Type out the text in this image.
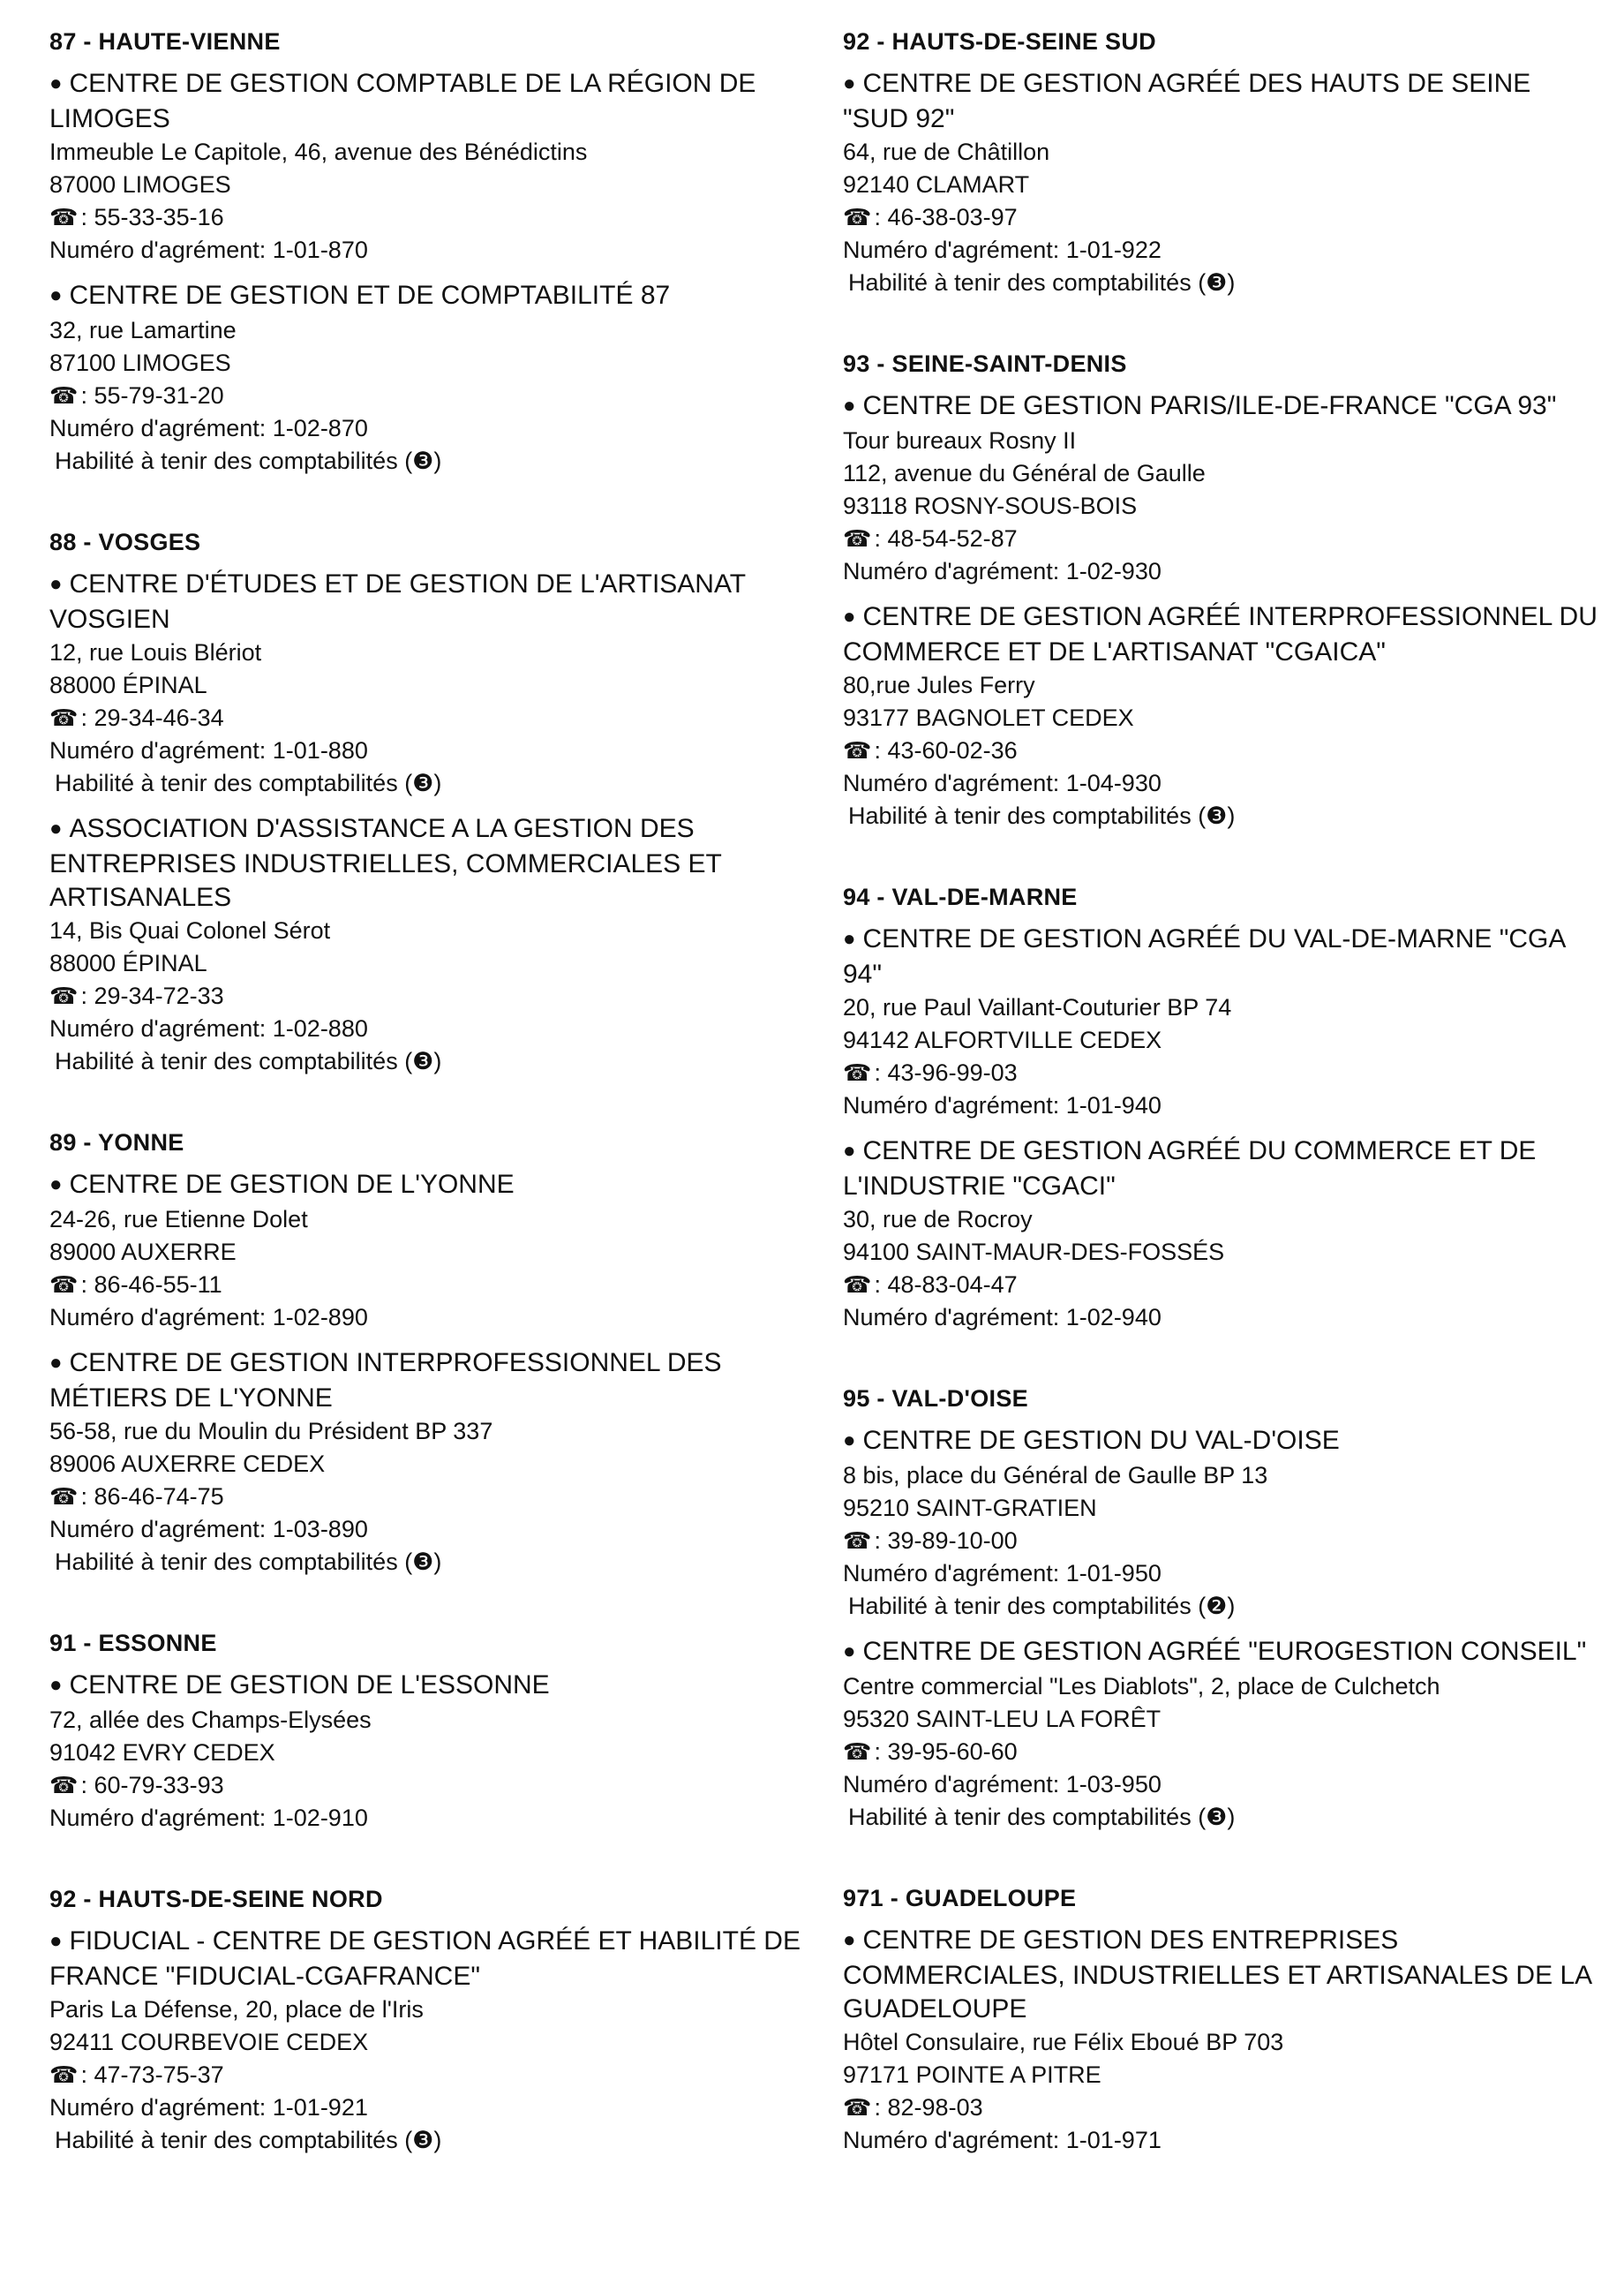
87 - HAUTE-VIENNE
● CENTRE DE GESTION COMPTABLE DE LA RÉGION DE LIMOGES
Immeuble Le Capitole, 46, avenue des Bénédictins
87000 LIMOGES
☎ : 55-33-35-16
Numéro d'agrément: 1-01-870
● CENTRE DE GESTION ET DE COMPTABILITÉ 87
32, rue Lamartine
87100 LIMOGES
☎ : 55-79-31-20
Numéro d'agrément: 1-02-870
Habilité à tenir des comptabilités (❸)
88 - VOSGES
● CENTRE D'ÉTUDES ET DE GESTION DE L'ARTISANAT VOSGIEN
12, rue Louis Blériot
88000 ÉPINAL
☎ : 29-34-46-34
Numéro d'agrément: 1-01-880
Habilité à tenir des comptabilités (❸)
● ASSOCIATION D'ASSISTANCE A LA GESTION DES ENTREPRISES INDUSTRIELLES, COMMERCIALES ET ARTISANALES
14, Bis Quai Colonel Sérot
88000 ÉPINAL
☎ : 29-34-72-33
Numéro d'agrément: 1-02-880
Habilité à tenir des comptabilités (❸)
89 - YONNE
● CENTRE DE GESTION DE L'YONNE
24-26, rue Etienne Dolet
89000 AUXERRE
☎ : 86-46-55-11
Numéro d'agrément: 1-02-890
● CENTRE DE GESTION INTERPROFESSIONNEL DES MÉTIERS DE L'YONNE
56-58, rue du Moulin du Président BP 337
89006 AUXERRE CEDEX
☎ : 86-46-74-75
Numéro d'agrément: 1-03-890
Habilité à tenir des comptabilités (❸)
91 - ESSONNE
● CENTRE DE GESTION DE L'ESSONNE
72, allée des Champs-Elysées
91042 EVRY CEDEX
☎ : 60-79-33-93
Numéro d'agrément: 1-02-910
92 - HAUTS-DE-SEINE NORD
● FIDUCIAL - CENTRE DE GESTION AGRÉÉ ET HABILITÉ DE FRANCE "FIDUCIAL-CGAFRANCE"
Paris La Défense, 20, place de l'Iris
92411 COURBEVOIE CEDEX
☎ : 47-73-75-37
Numéro d'agrément: 1-01-921
Habilité à tenir des comptabilités (❸)
92 - HAUTS-DE-SEINE SUD
● CENTRE DE GESTION AGRÉÉ DES HAUTS DE SEINE "SUD 92"
64, rue de Châtillon
92140 CLAMART
☎ : 46-38-03-97
Numéro d'agrément: 1-01-922
Habilité à tenir des comptabilités (❸)
93 - SEINE-SAINT-DENIS
● CENTRE DE GESTION PARIS/ILE-DE-FRANCE "CGA 93"
Tour bureaux Rosny II
112, avenue du Général de Gaulle
93118 ROSNY-SOUS-BOIS
☎ : 48-54-52-87
Numéro d'agrément: 1-02-930
● CENTRE DE GESTION AGRÉÉ INTERPROFESSIONNEL DU COMMERCE ET DE L'ARTISANAT "CGAICA"
80,rue Jules Ferry
93177 BAGNOLET CEDEX
☎ : 43-60-02-36
Numéro d'agrément: 1-04-930
Habilité à tenir des comptabilités (❸)
94 - VAL-DE-MARNE
● CENTRE DE GESTION AGRÉÉ DU VAL-DE-MARNE "CGA 94"
20, rue Paul Vaillant-Couturier BP 74
94142 ALFORTVILLE CEDEX
☎ : 43-96-99-03
Numéro d'agrément: 1-01-940
● CENTRE DE GESTION AGRÉÉ DU COMMERCE ET DE L'INDUSTRIE "CGACI"
30, rue de Rocroy
94100 SAINT-MAUR-DES-FOSSÉS
☎ : 48-83-04-47
Numéro d'agrément: 1-02-940
95 - VAL-D'OISE
● CENTRE DE GESTION DU VAL-D'OISE
8 bis, place du Général de Gaulle BP 13
95210 SAINT-GRATIEN
☎ : 39-89-10-00
Numéro d'agrément: 1-01-950
Habilité à tenir des comptabilités (❷)
● CENTRE DE GESTION AGRÉÉ "EUROGESTION CONSEIL"
Centre commercial "Les Diablots", 2, place de Culchetch
95320 SAINT-LEU LA FORÊT
☎ : 39-95-60-60
Numéro d'agrément: 1-03-950
Habilité à tenir des comptabilités (❸)
971 - GUADELOUPE
● CENTRE DE GESTION DES ENTREPRISES COMMERCIALES, INDUSTRIELLES ET ARTISANALES DE LA GUADELOUPE
Hôtel Consulaire, rue Félix Eboué BP 703
97171 POINTE A PITRE
☎ : 82-98-03
Numéro d'agrément: 1-01-971
